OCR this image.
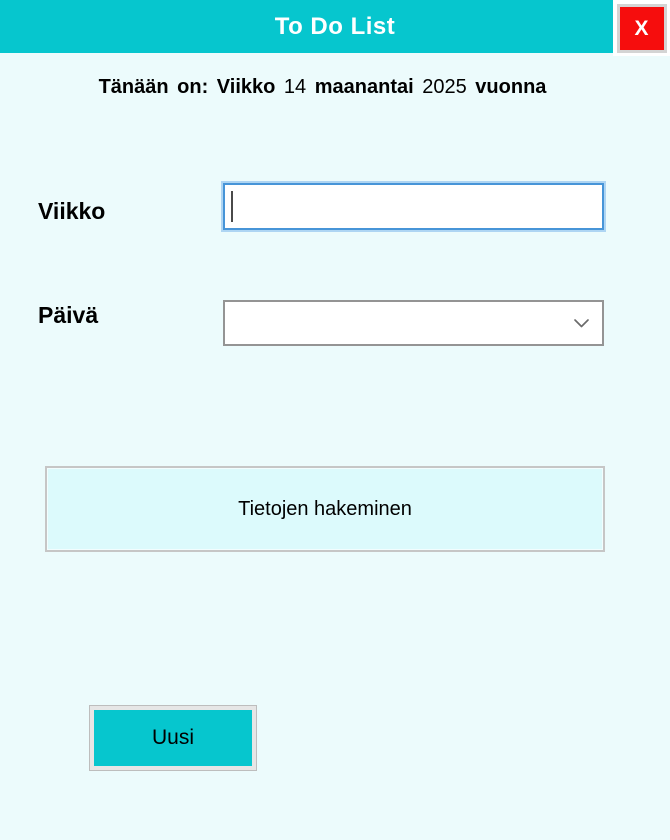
To Do List	X
Tänään on: Viikko 14 maanantai 2025 vuonna
Viikko
Päivä
Tietojen hakeminen
Uusi
